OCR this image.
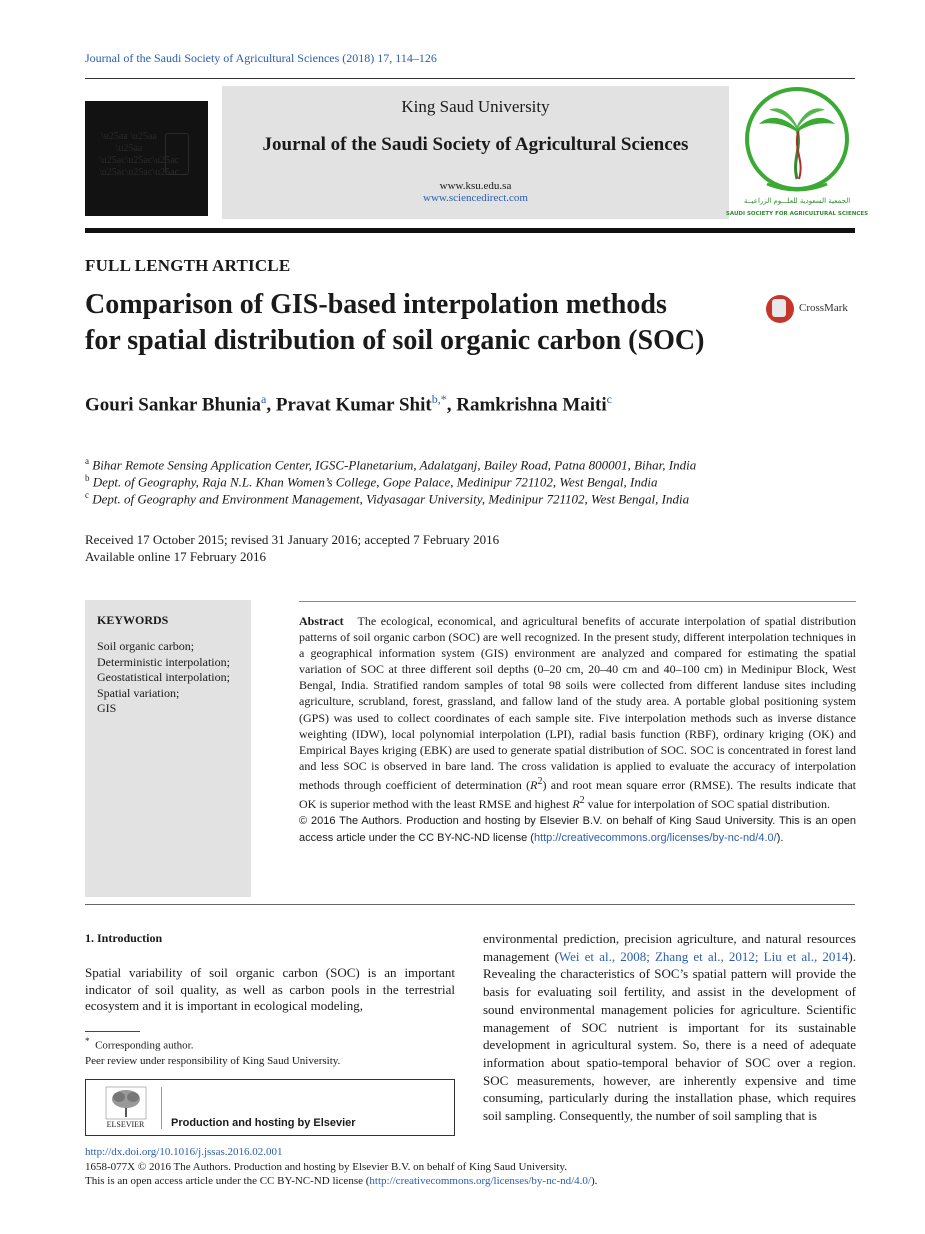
Journal of the Saudi Society of Agricultural Sciences (2018) 17, 114–126
\u25aa \u25aa \u25aa
\u25ac\u25ac\u25ac
\u25ac\u25ac\u25ac
King Saud University
Journal of the Saudi Society of Agricultural Sciences
www.ksu.edu.sa
www.sciencedirect.com	الجمعية السعودية للعلـــوم الزراعيــة
SAUDI SOCIETY FOR AGRICULTURAL SCIENCES
FULL LENGTH ARTICLE
Comparison of GIS-based interpolation methods
for spatial distribution of soil organic carbon (SOC)
CrossMark
Gouri Sankar Bhunia$^a$, Pravat Kumar Shit$^{b,*}$, Ramkrishna Maiti$^c$
$^a$ Bihar Remote Sensing Application Center, IGSC-Planetarium, Adalatganj, Bailey Road, Patna 800001, Bihar, India
$^b$ Dept. of Geography, Raja N.L. Khan Women’s College, Gope Palace, Medinipur 721102, West Bengal, India
$^c$ Dept. of Geography and Environment Management, Vidyasagar University, Medinipur 721102, West Bengal, India
Received 17 October 2015; revised 31 January 2016; accepted 7 February 2016
Available online 17 February 2016
KEYWORDS
Soil organic carbon;
Deterministic interpolation;
Geostatistical interpolation;
Spatial variation;
GIS
Abstract The ecological, economical, and agricultural benefits of accurate interpolation of spatial distribution patterns of soil organic carbon (SOC) are well recognized. In the present study, different interpolation techniques in a geographical information system (GIS) environment are analyzed and compared for estimating the spatial variation of SOC at three different soil depths (0–20 cm, 20–40 cm and 40–100 cm) in Medinipur Block, West Bengal, India. Stratified random samples of total 98 soils were collected from different landuse sites including agriculture, scrubland, forest, grassland, and fallow land of the study area. A portable global positioning system (GPS) was used to collect coordinates of each sample site. Five interpolation methods such as inverse distance weighting (IDW), local polynomial interpolation (LPI), radial basis function (RBF), ordinary kriging (OK) and Empirical Bayes kriging (EBK) are used to generate spatial distribution of SOC. SOC is concentrated in forest land and less SOC is observed in bare land. The cross validation is applied to evaluate the accuracy of interpolation methods through coefficient of determination $(R^2)$ and root mean square error (RMSE). The results indicate that OK is superior method with the least RMSE and highest $R^2$ value for interpolation of SOC spatial distribution.
© 2016 The Authors. Production and hosting by Elsevier B.V. on behalf of King Saud University. This is an open access article under the CC BY-NC-ND license (http://creativecommons.org/licenses/by-nc-nd/4.0/).
1. Introduction
Spatial variability of soil organic carbon (SOC) is an important indicator of soil quality, as well as carbon pools in the terrestrial ecosystem and it is important in ecological modeling,
environmental prediction, precision agriculture, and natural resources management (Wei et al., 2008; Zhang et al., 2012; Liu et al., 2014). Revealing the characteristics of SOC’s spatial pattern will provide the basis for evaluating soil fertility, and assist in the development of sound environmental management policies for agriculture. Scientific management of SOC nutrient is important for its sustainable development in agricultural system. So, there is a need of adequate information about spatio-temporal behavior of SOC over a region. SOC measurements, however, are inherently expensive and time consuming, particularly during the installation phase, which requires soil sampling. Consequently, the number of soil sampling that is
* Corresponding author.
Peer review under responsibility of King Saud University.
ELSEVIER	Production and hosting by Elsevier
http://dx.doi.org/10.1016/j.jssas.2016.02.001
1658-077X © 2016 The Authors. Production and hosting by Elsevier B.V. on behalf of King Saud University.
This is an open access article under the CC BY-NC-ND license (http://creativecommons.org/licenses/by-nc-nd/4.0/).
